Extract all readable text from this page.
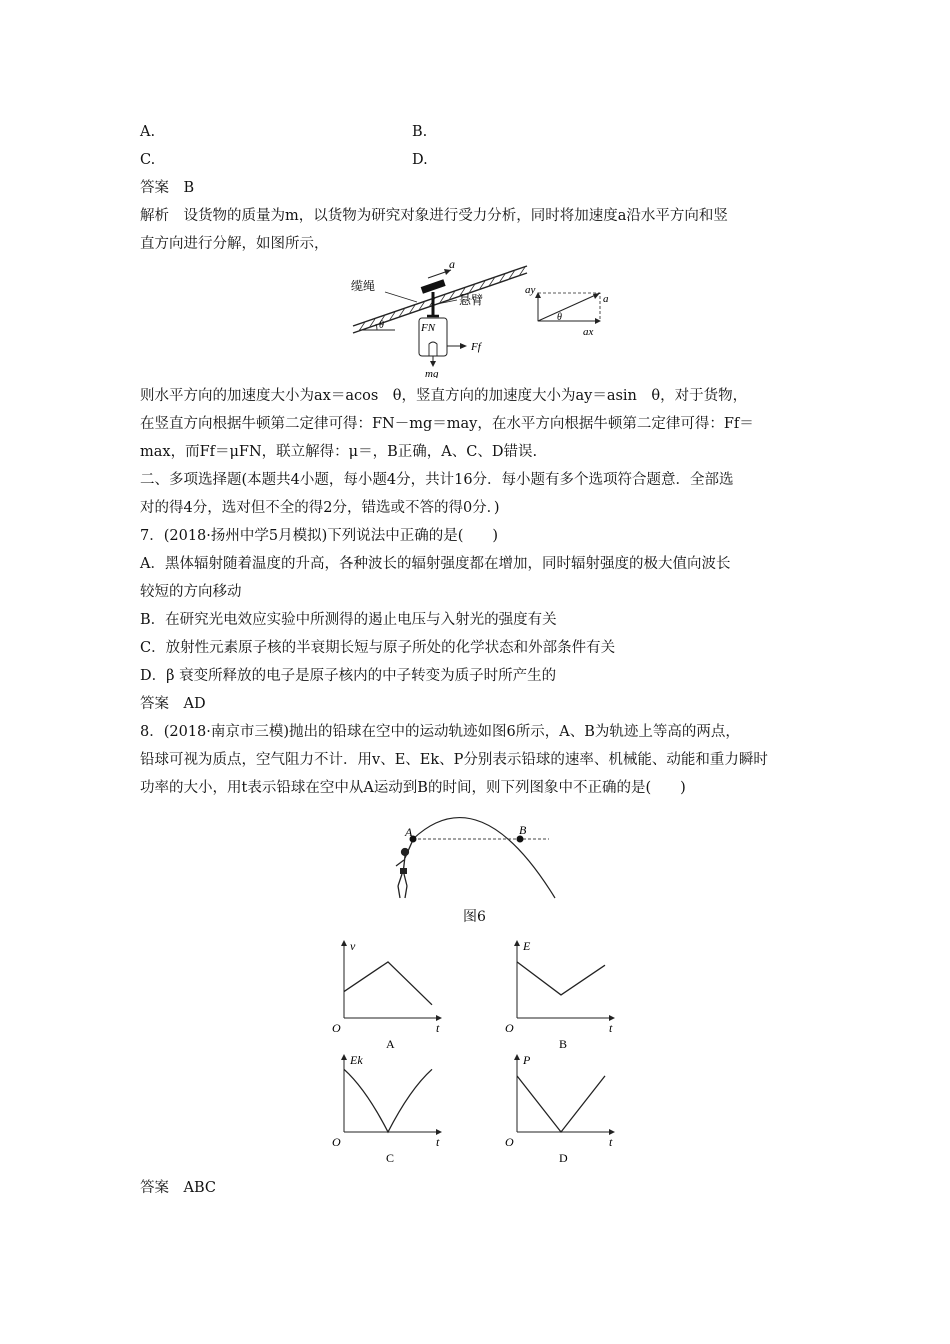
A.	B.
C.	D.
答案　B
解析　设货物的质量为m，以货物为研究对象进行受力分析，同时将加速度a沿水平方向和竖
直方向进行分解，如图所示，
θ
缆绳
a
悬臂
FN
Ff
mg
ay
a
θ
ax
则水平方向的加速度大小为ax＝acos　θ，竖直方向的加速度大小为ay＝asin　θ，对于货物，
在竖直方向根据牛顿第二定律可得：FN－mg＝may，在水平方向根据牛顿第二定律可得：Ff＝
max，而Ff＝μFN，联立解得：μ＝，B正确，A、C、D错误.
二、多项选择题(本题共4小题，每小题4分，共计16分．每小题有多个选项符合题意．全部选
对的得4分，选对但不全的得2分，错选或不答的得0分．)
7．(2018·扬州中学5月模拟)下列说法中正确的是(　　)
A．黑体辐射随着温度的升高，各种波长的辐射强度都在增加，同时辐射强度的极大值向波长
较短的方向移动
B．在研究光电效应实验中所测得的遏止电压与入射光的强度有关
C．放射性元素原子核的半衰期长短与原子所处的化学状态和外部条件有关
D．β 衰变所释放的电子是原子核内的中子转变为质子时所产生的
答案　AD
8．(2018·南京市三模)抛出的铅球在空中的运动轨迹如图6所示，A、B为轨迹上等高的两点，
铅球可视为质点，空气阻力不计．用v、E、Ek、P分别表示铅球的速率、机械能、动能和重力瞬时
功率的大小，用t表示铅球在空中从A运动到B的时间，则下列图象中不正确的是(　　)
A	B
图6
v
t
O
A
E
t
O
B
Ek
t
O
C
P
t
O
D
答案　ABC
